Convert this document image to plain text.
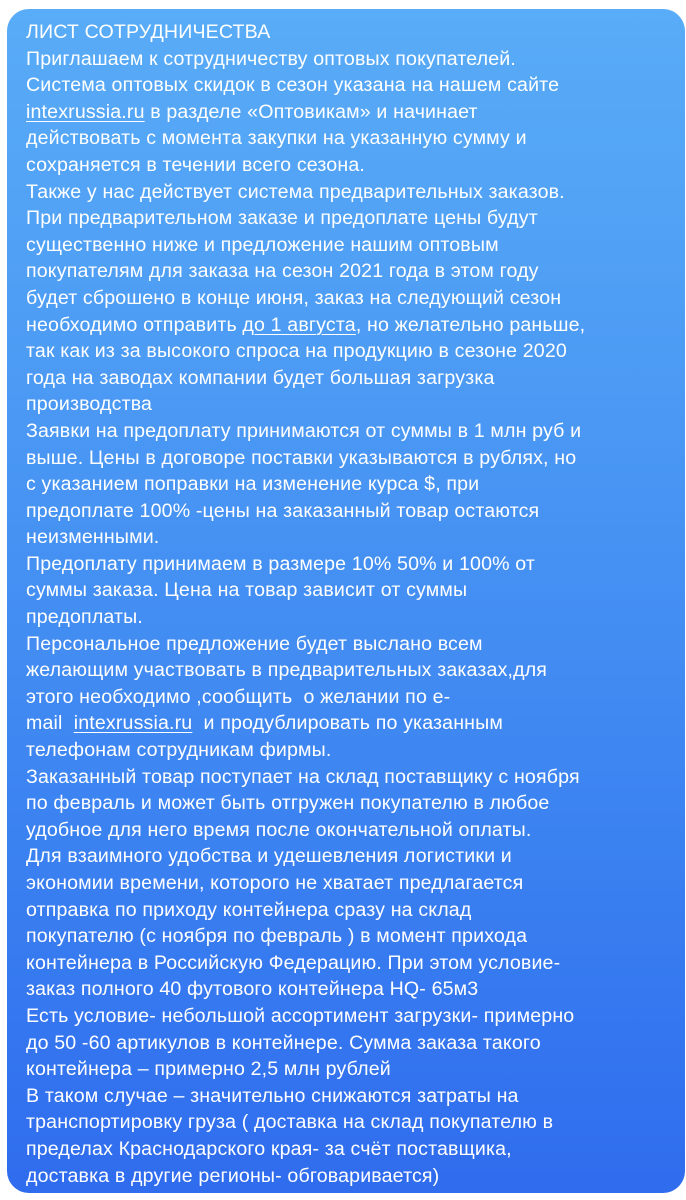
ЛИСТ СОТРУДНИЧЕСТВА
Приглашаем к сотрудничеству оптовых покупателей.
Система оптовых скидок в сезон указана на нашем сайте
intexrussia.ru в разделе «Оптовикам» и начинает
действовать с момента закупки на указанную сумму и
сохраняется в течении всего сезона.
Также у нас действует система предварительных заказов.
При предварительном заказе и предоплате цены будут
существенно ниже и предложение нашим оптовым
покупателям для заказа на сезон 2021 года в этом году
будет сброшено в конце июня, заказ на следующий сезон
необходимо отправить до 1 августа, но желательно раньше,
так как из за высокого спроса на продукцию в сезоне 2020
года на заводах компании будет большая загрузка
производства
Заявки на предоплату принимаются от суммы в 1 млн руб и
выше. Цены в договоре поставки указываются в рублях, но
с указанием поправки на изменение курса $, при
предоплате 100% -цены на заказанный товар остаются
неизменными.
Предоплату принимаем в размере 10% 50% и 100% от
суммы заказа. Цена на товар зависит от суммы
предоплаты.
Персональное предложение будет выслано всем
желающим участвовать в предварительных заказах,для
этого необходимо ,сообщить  о желании по e-
mail  intexrussia.ru  и продублировать по указанным
телефонам сотрудникам фирмы.
Заказанный товар поступает на склад поставщику с ноября
по февраль и может быть отгружен покупателю в любое
удобное для него время после окончательной оплаты.
Для взаимного удобства и удешевления логистики и
экономии времени, которого не хватает предлагается
отправка по приходу контейнера сразу на склад
покупателю (с ноября по февраль ) в момент прихода
контейнера в Российскую Федерацию. При этом условие-
заказ полного 40 футового контейнера HQ- 65м3
Есть условие- небольшой ассортимент загрузки- примерно
до 50 -60 артикулов в контейнере. Сумма заказа такого
контейнера – примерно 2,5 млн рублей
В таком случае – значительно снижаются затраты на
транспортировку груза ( доставка на склад покупателю в
пределах Краснодарского края- за счёт поставщика,
доставка в другие регионы- обговаривается)
